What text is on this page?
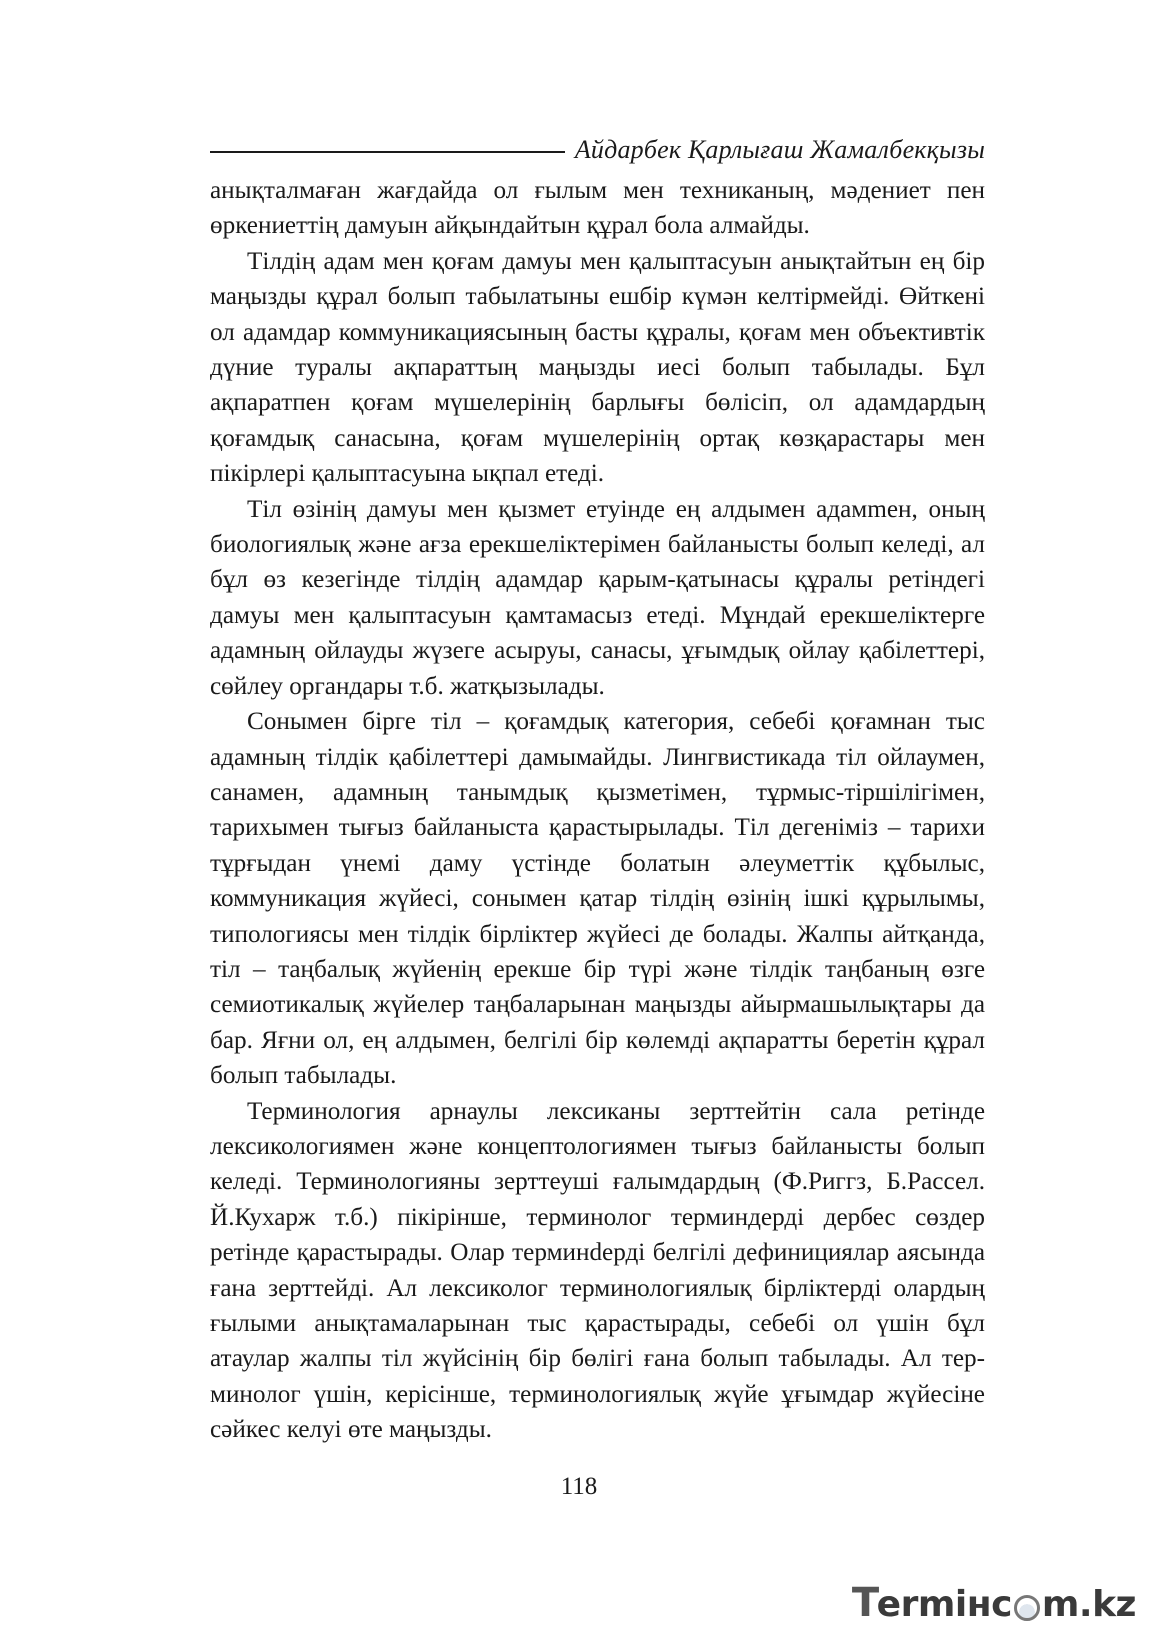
Айдарбек Қарлығаш Жамалбекқызы

анықталмаған жағдайда ол ғылым мен техниканың, мәдениет пен өркениеттің дамуын айқындайтын құрал бола алмайды.

Тілдің адам мен қоғам дамуы мен қалыптасуын анықтайтын ең бір маңызды құрал болып табылатыны ешбір күмән келтірмейді. Өйткені ол адамдар коммуникациясының басты құралы, қоғам мен объективтік дүние туралы ақпараттың маңызды иесі болып табылады. Бұл ақпаратпен қоғам мүшелерінің барлығы бөлісіп, ол адамдардың қоғамдық санасына, қоғам мүшелерінің ортақ көзқарастары мен пікірлері қалыптасуына ықпал етеді.

Тіл өзінің дамуы мен қызмет етуінде ең алдымен адамmен, оның биологиялық және ағза ерекшеліктерімен байланысты болып келеді, ал бұл өз кезегінде тілдің адамдар қарым-қатынасы құралы ретіндегі дамуы мен қалыптасуын қамтамасыз етеді. Мұндай ерекшеліктерге адамның ойлауды жүзеге асыруы, санасы, ұғымдық ойлау қабілеттері, сөйлеу органдары т.б. жатқызылады.

Сонымен бірге тіл – қоғамдық категория, себебі қоғамнан тыс адамның тілдік қабілеттері дамымайды. Лингвистикада тіл ойлаумен, санамен, адамның танымдық қызметімен, тұрмыс-тіршілігімен, тарихымен тығыз байланыста қарастырылады. Тіл дегеніміз – тарихи тұрғыдан үнемі даму үстінде болатын әлеуметтік құбылыс, коммуникация жүйесі, сонымен қатар тілдің өзінің ішкі құрылымы, типологиясы мен тілдік бірліктер жүйесі де болады. Жалпы айтқанда, тіл – таңбалық жүйенің ерекше бір түрі және тілдік таңбаның өзге семиотикалық жүйелер таңбаларынан маңызды айырмашылықтары да бар. Яғни ол, ең алдымен, белгілі бір көлемді ақпаратты беретін құрал болып табылады.

Терминология арнаулы лексиканы зерттейтін сала ретінде лексикологиямен және концептологиямен тығыз байланысты болып келеді. Терминологияны зерттеуші ғалымдардың (Ф.Риггз, Б.Рассел. Й.Кухарж т.б.) пікірінше, терминолог терминдерді дербес сөздер ретінде қарастырады. Олар терминdерді белгілі дефинициялар аясында ғана зерттейді. Ал лексиколог терминологиялық бірліктерді олардың ғылыми анықтамаларынан тыс қарастырады, себебі ол үшін бұл атаулар жалпы тіл жүйсінің бір бөлігі ғана болып табылады. Ал терминолог үшін, керісінше, терминологиялық жүйе ұғымдар жүйесіне сәйкес келуі өте маңызды.

118
T
ermінc m.kz
